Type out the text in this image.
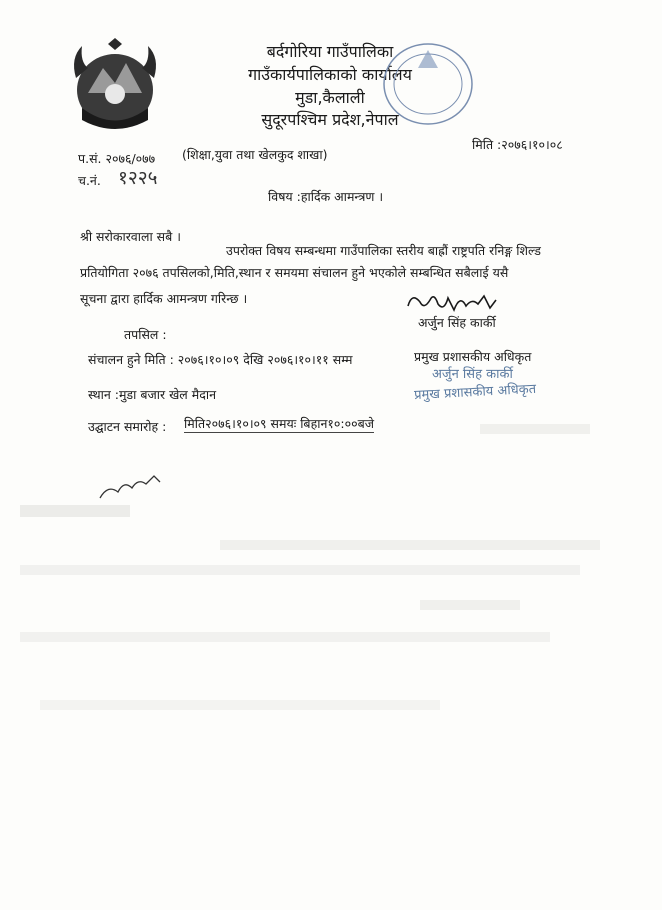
बर्दगोरिया गाउँपालिका
गाउँकार्यपालिकाको कार्यालय
मुडा,कैलाली
सुदूरपश्चिम प्रदेश,नेपाल
प.सं. २०७६/०७७ (शिक्षा,युवा तथा खेलकुद शाखा)
मिति :२०७६।१०।०८
च.नं. १२२५
विषय :हार्दिक आमन्त्रण ।
श्री सरोकारवाला सबै ।
उपरोक्त विषय सम्बन्धमा गाउँपालिका स्तरीय बाह्रौं राष्ट्रपति रनिङ्ग शिल्ड
प्रतियोगिता २०७६ तपसिलको,मिति,स्थान र समयमा संचालन हुने भएकोले सम्बन्धित सबैलाई यसै
सूचना द्वारा हार्दिक आमन्त्रण गरिन्छ ।
अर्जुन सिंह कार्की
तपसिल :
संचालन हुने मिति : २०७६।१०।०९ देखि २०७६।१०।११ सम्म	प्रमुख प्रशासकीय अधिकृत
अर्जुन सिंह कार्की
प्रमुख प्रशासकीय अधिकृत
स्थान :मुडा बजार खेल मैदान
उद्घाटन समारोह : मिति२०७६।१०।०९ समयः बिहान१०:००बजे
